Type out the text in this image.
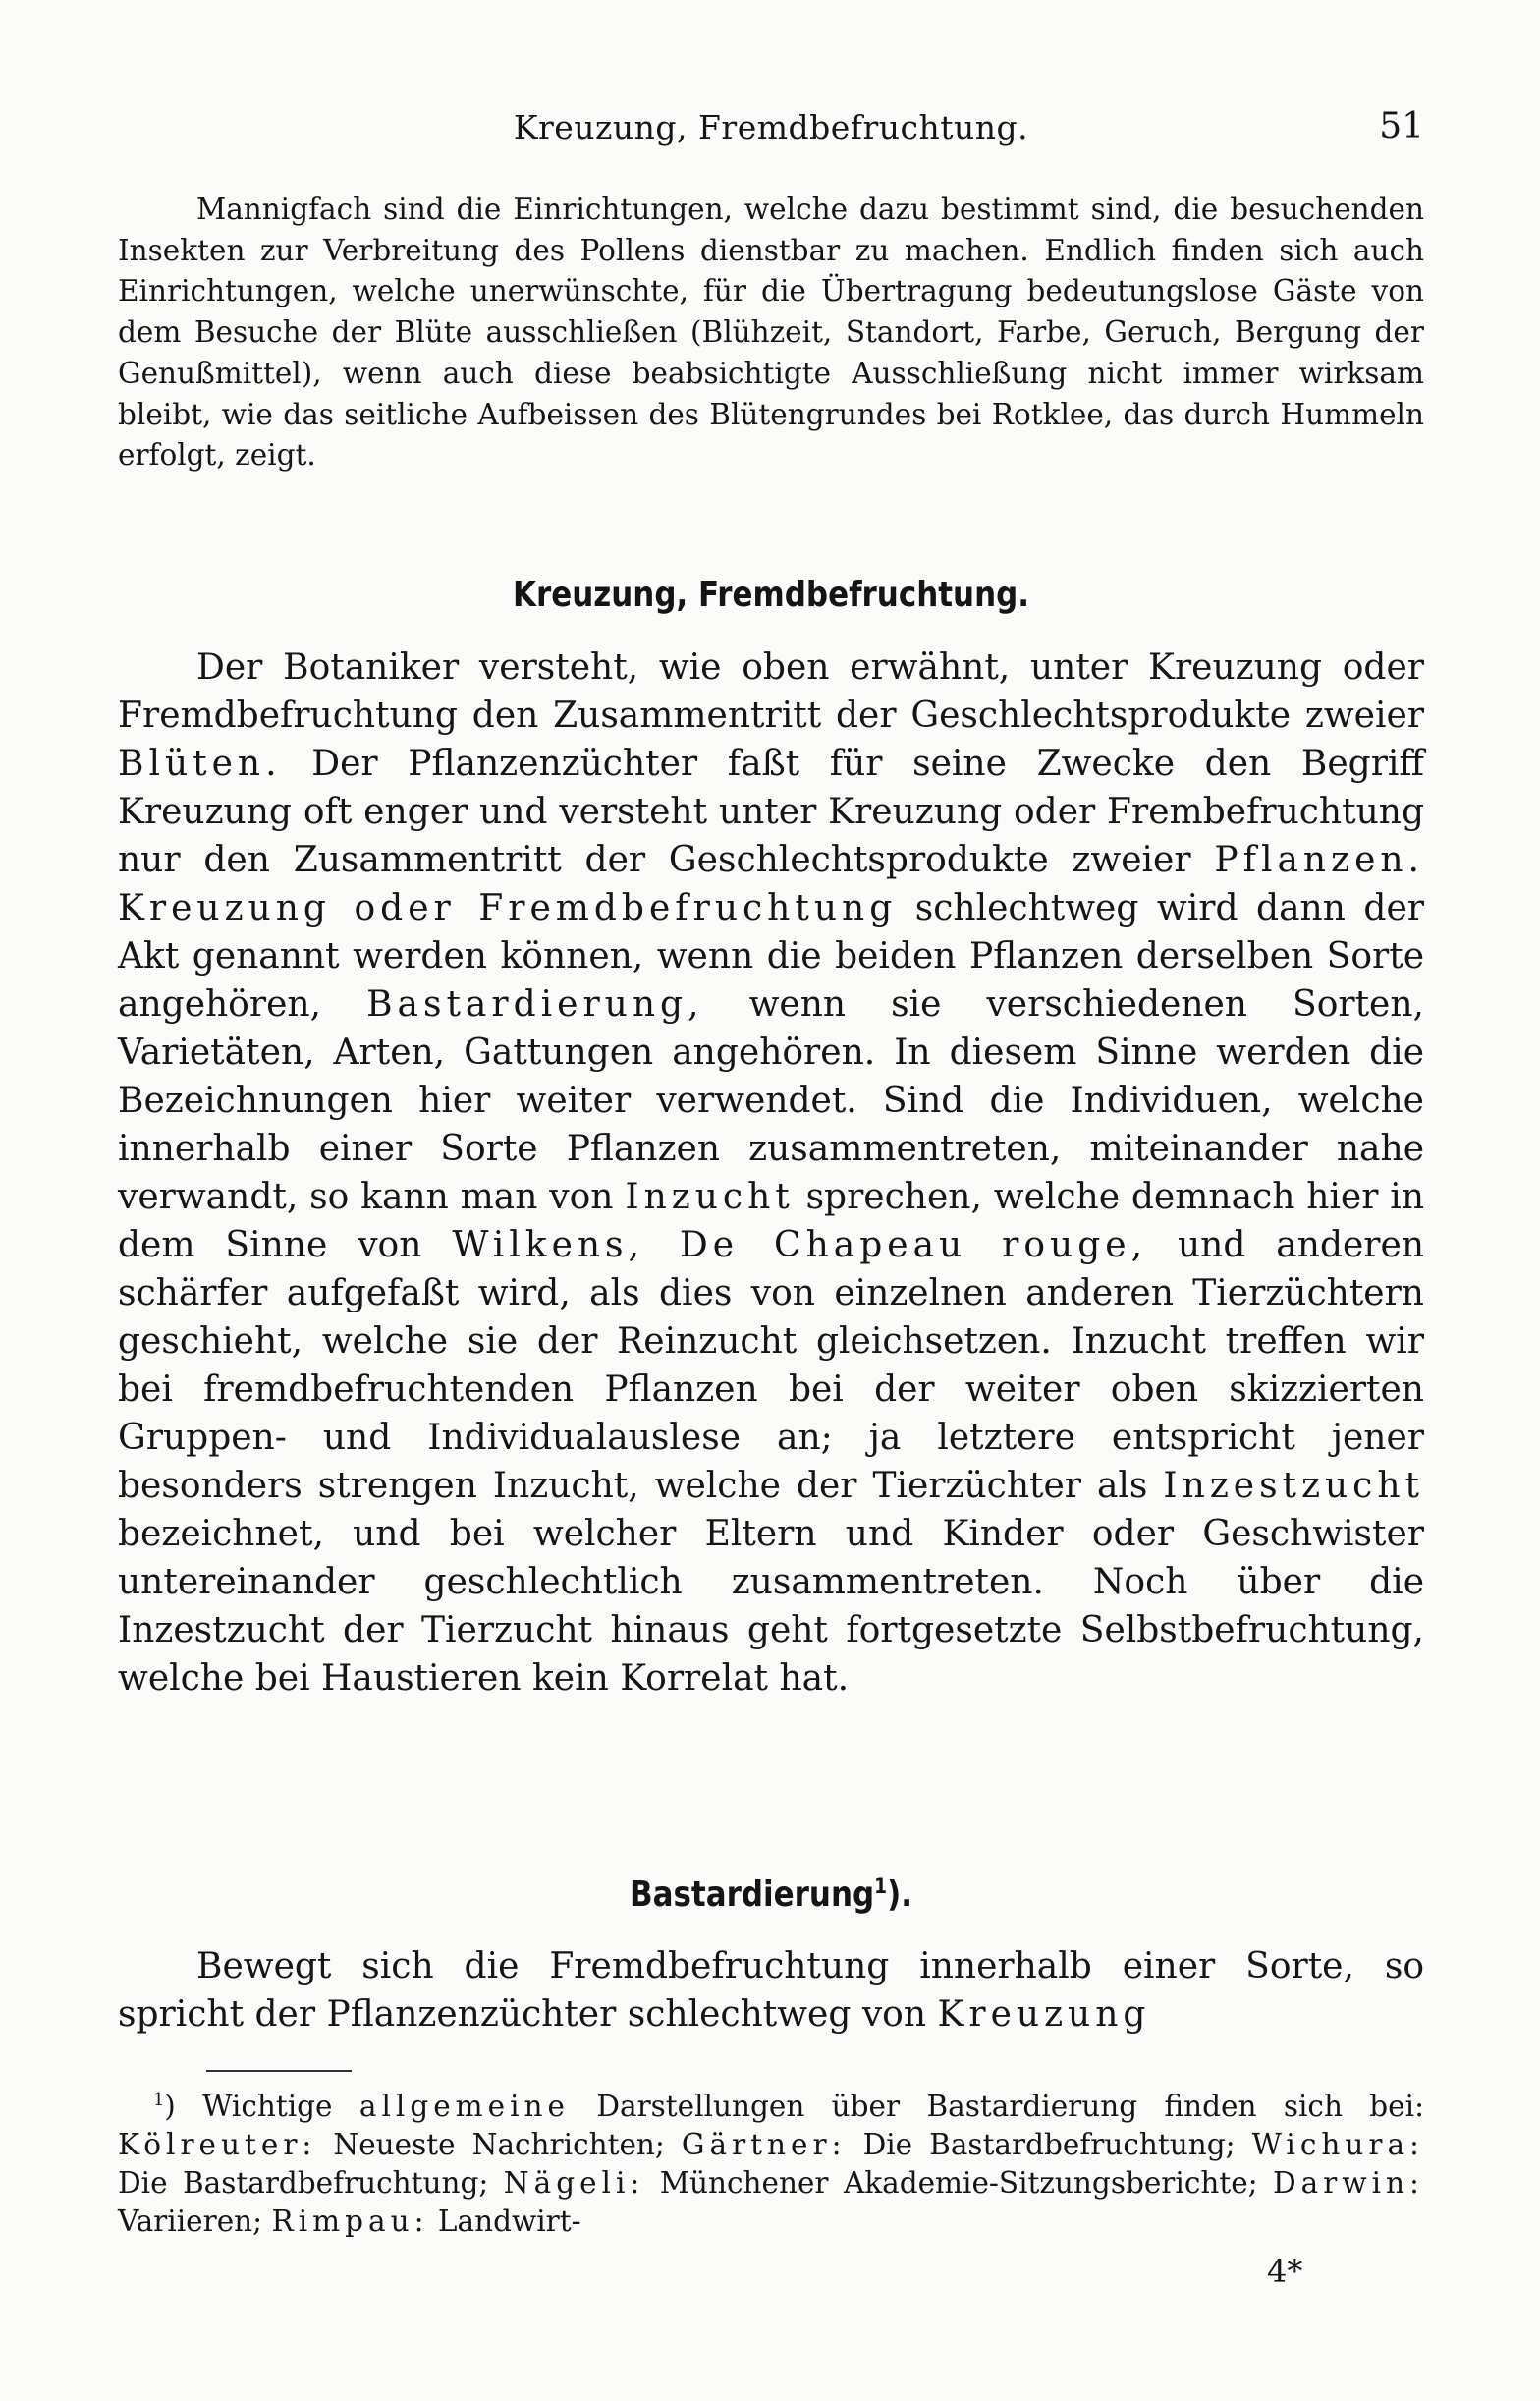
Kreuzung, Fremdbefruchtung.	51

Mannigfach sind die Einrichtungen, welche dazu bestimmt sind, die besuchenden Insekten zur Verbreitung des Pollens dienstbar zu machen. Endlich finden sich auch Einrichtungen, welche unerwünschte, für die Übertragung bedeutungslose Gäste von dem Besuche der Blüte ausschließen (Blühzeit, Standort, Farbe, Geruch, Bergung der Genußmittel), wenn auch diese beabsichtigte Ausschließung nicht immer wirksam bleibt, wie das seitliche Aufbeissen des Blütengrundes bei Rotklee, das durch Hummeln erfolgt, zeigt.

Kreuzung, Fremdbefruchtung.

Der Botaniker versteht, wie oben erwähnt, unter Kreuzung oder Fremdbefruchtung den Zusammentritt der Geschlechtsprodukte zweier Blüten. Der Pflanzenzüchter faßt für seine Zwecke den Begriff Kreuzung oft enger und versteht unter Kreuzung oder Frembefruchtung nur den Zusammentritt der Geschlechtsprodukte zweier Pflanzen. Kreuzung oder Fremdbefruchtung schlechtweg wird dann der Akt genannt werden können, wenn die beiden Pflanzen derselben Sorte angehören, Bastardierung, wenn sie verschiedenen Sorten, Varietäten, Arten, Gattungen angehören. In diesem Sinne werden die Bezeichnungen hier weiter verwendet. Sind die Individuen, welche innerhalb einer Sorte Pflanzen zusammentreten, miteinander nahe verwandt, so kann man von Inzucht sprechen, welche demnach hier in dem Sinne von Wilkens, De Chapeau rouge, und anderen schärfer aufgefaßt wird, als dies von einzelnen anderen Tierzüchtern geschieht, welche sie der Reinzucht gleichsetzen. Inzucht treffen wir bei fremdbefruchtenden Pflanzen bei der weiter oben skizzierten Gruppen- und Individualauslese an; ja letztere entspricht jener besonders strengen Inzucht, welche der Tierzüchter als Inzestzucht bezeichnet, und bei welcher Eltern und Kinder oder Geschwister untereinander geschlechtlich zusammentreten. Noch über die Inzestzucht der Tierzucht hinaus geht fortgesetzte Selbstbefruchtung, welche bei Haustieren kein Korrelat hat.

Bastardierung$^1$).

Bewegt sich die Fremdbefruchtung innerhalb einer Sorte, so spricht der Pflanzenzüchter schlechtweg von Kreuzung

$^1$) Wichtige allgemeine Darstellungen über Bastardierung finden sich bei: Kölreuter: Neueste Nachrichten; Gärtner: Die Bastardbefruchtung; Wichura: Die Bastardbefruchtung; Nägeli: Münchener Akademie-Sitzungsberichte; Darwin: Variieren; Rimpau: Landwirt-

4*
